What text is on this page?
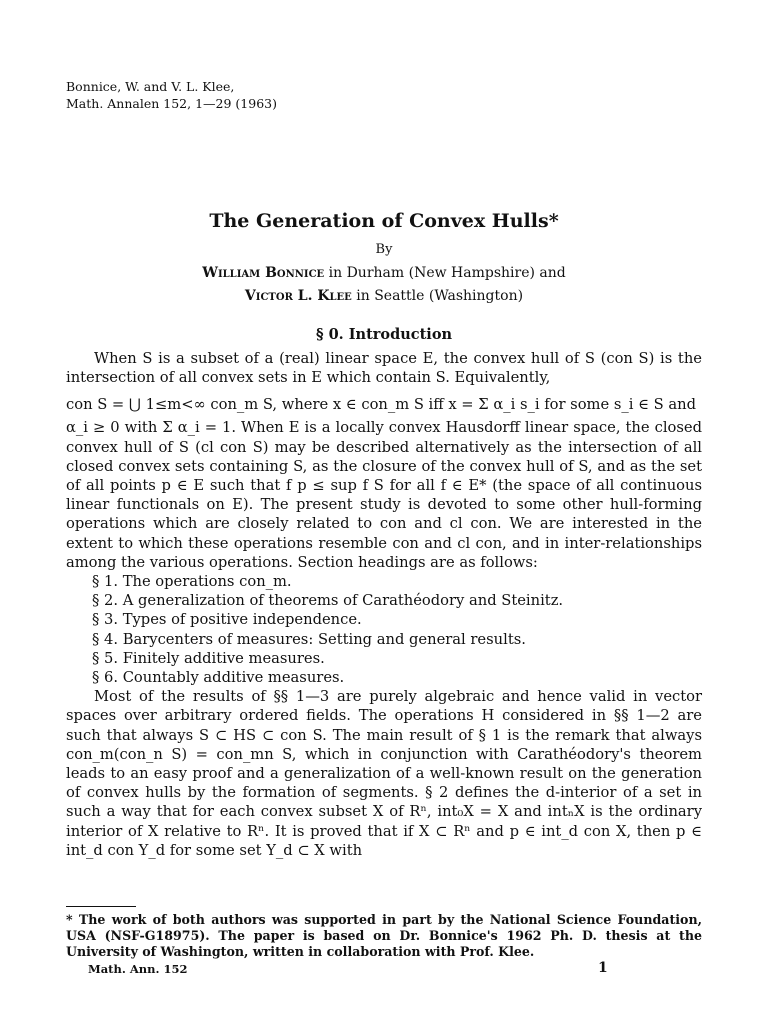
Bonnice, W. and V. L. Klee,
Math. Annalen 152, 1—29 (1963)
The Generation of Convex Hulls*
By
William Bonnice in Durham (New Hampshire) and
Victor L. Klee in Seattle (Washington)
§ 0. Introduction

When S is a subset of a (real) linear space E, the convex hull of S (con S) is the intersection of all convex sets in E which contain S. Equivalently,

con S = ⋃ 1≤m<∞ con_m S, where x ∈ con_m S iff x = Σ α_i s_i for some s_i ∈ S and

α_i ≥ 0 with Σ α_i = 1. When E is a locally convex Hausdorff linear space, the closed convex hull of S (cl con S) may be described alternatively as the intersection of all closed convex sets containing S, as the closure of the convex hull of S, and as the set of all points p ∈ E such that f p ≤ sup f S for all f ∈ E* (the space of all continuous linear functionals on E). The present study is devoted to some other hull-forming operations which are closely related to con and cl con. We are interested in the extent to which these operations resemble con and cl con, and in inter-relationships among the various operations. Section headings are as follows:

§ 1. The operations con_m.
§ 2. A generalization of theorems of Carathéodory and Steinitz.
§ 3. Types of positive independence.
§ 4. Barycenters of measures: Setting and general results.
§ 5. Finitely additive measures.
§ 6. Countably additive measures.

Most of the results of §§ 1—3 are purely algebraic and hence valid in vector spaces over arbitrary ordered fields. The operations H considered in §§ 1—2 are such that always S ⊂ HS ⊂ con S. The main result of § 1 is the remark that always con_m(con_n S) = con_mn S, which in conjunction with Carathéodory's theorem leads to an easy proof and a generalization of a well-known result on the generation of convex hulls by the formation of segments. § 2 defines the d-interior of a set in such a way that for each convex subset X of Rⁿ, int₀X = X and intₙX is the ordinary interior of X relative to Rⁿ. It is proved that if X ⊂ Rⁿ and p ∈ int_d con X, then p ∈ int_d con Y_d for some set Y_d ⊂ X with

* The work of both authors was supported in part by the National Science Foundation, USA (NSF-G18975). The paper is based on Dr. Bonnice's 1962 Ph. D. thesis at the University of Washington, written in collaboration with Prof. Klee.
Math. Ann. 152	1
